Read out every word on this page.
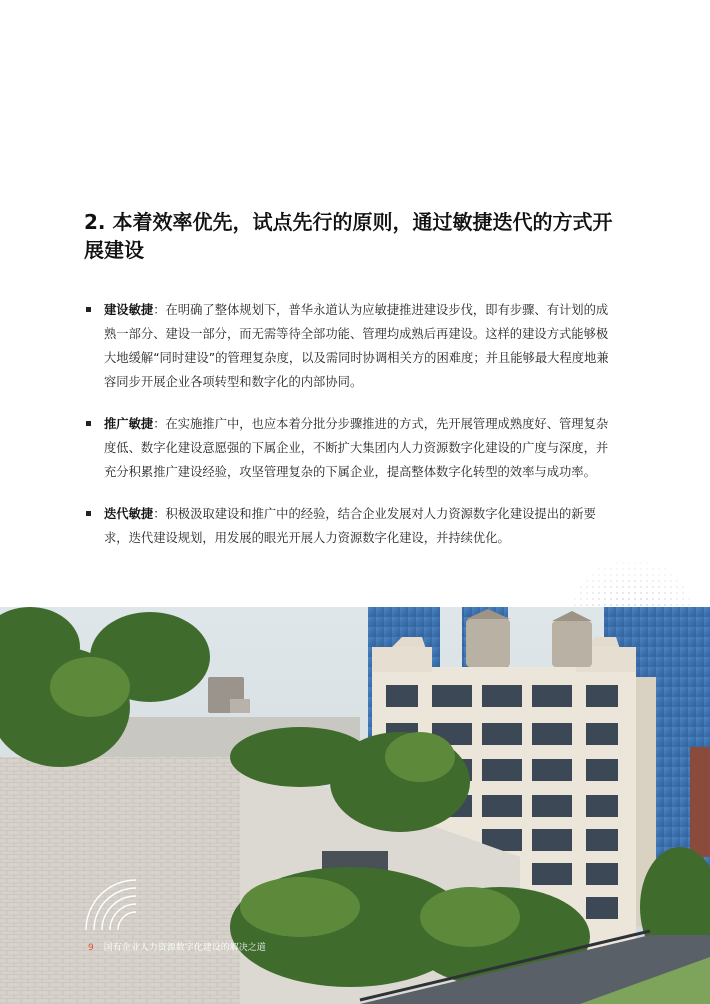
2. 本着效率优先，试点先行的原则，通过敏捷迭代的方式开展建设
建设敏捷：在明确了整体规划下，普华永道认为应敏捷推进建设步伐，即有步骤、有计划的成熟一部分、建设一部分，而无需等待全部功能、管理均成熟后再建设。这样的建设方式能够极大地缓解“同时建设”的管理复杂度，以及需同时协调相关方的困难度；并且能够最大程度地兼容同步开展企业各项转型和数字化的内部协同。
推广敏捷：在实施推广中，也应本着分批分步骤推进的方式，先开展管理成熟度好、管理复杂度低、数字化建设意愿强的下属企业，不断扩大集团内人力资源数字化建设的广度与深度，并充分积累推广建设经验，攻坚管理复杂的下属企业，提高整体数字化转型的效率与成功率。
迭代敏捷：积极汲取建设和推广中的经验，结合企业发展对人力资源数字化建设提出的新要求，迭代建设规划，用发展的眼光开展人力资源数字化建设，并持续优化。
9 国有企业人力资源数字化建设的解决之道
